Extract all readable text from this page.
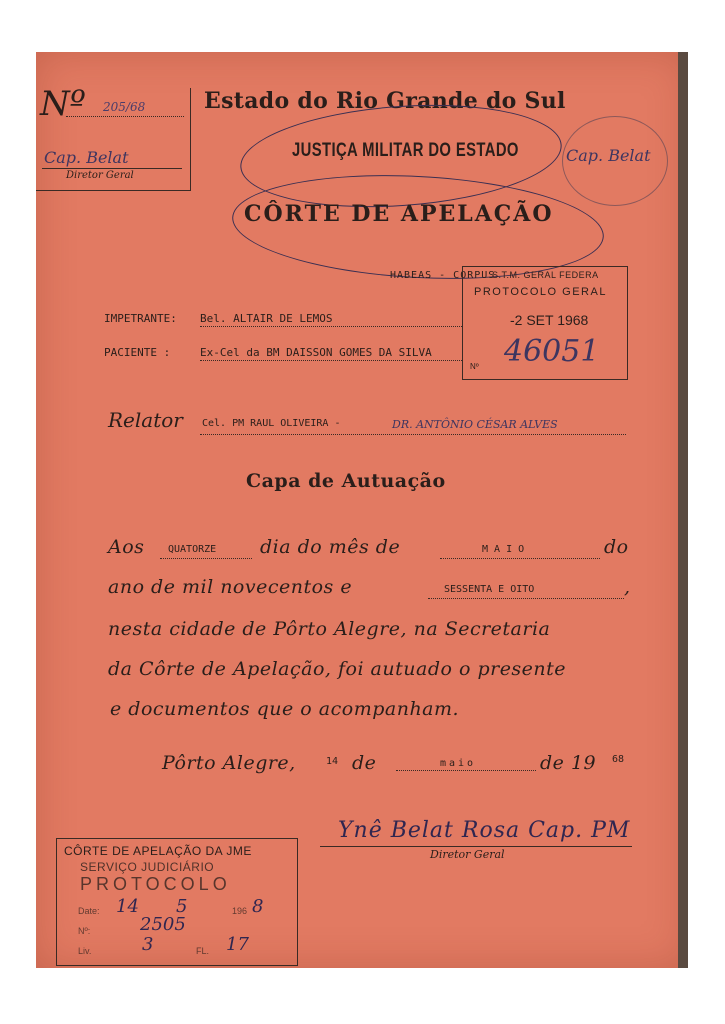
Nº 205/68
Cap. Belat
Diretor Geral
Estado do Rio Grande do Sul
JUSTIÇA MILITAR DO ESTADO
CÔRTE DE APELAÇÃO
Cap. Belat
HABEAS - CORPUS
S.T.M. GERAL FEDERA
PROTOCOLO GERAL
-2 SET 1968
Nº 46051
IMPETRANTE: Bel. ALTAIR DE LEMOS
PACIENTE :	Ex-Cel da BM DAISSON GOMES DA SILVA
Relator Cel. PM RAUL OLIVEIRA -	DR. ANTÔNIO CÉSAR ALVES
Capa de Autuação
Aos QUATORZE dia do mês de	M A I O	do
ano de mil novecentos e	SESSENTA E OITO	,
nesta cidade de Pôrto Alegre, na Secretaria
da Côrte de Apelação, foi autuado o presente
e documentos que o acompanham.
Pôrto Alegre,	14 de	maio	de 19 68
CÔRTE DE APELAÇÃO DA JME
SERVIÇO JUDICIÁRIO
PROTOCOLO
Date: 14 5	196 8
Nº:	2505
Liv.	3	FL. 17
Ynê Belat Rosa Cap. PM
Diretor Geral
